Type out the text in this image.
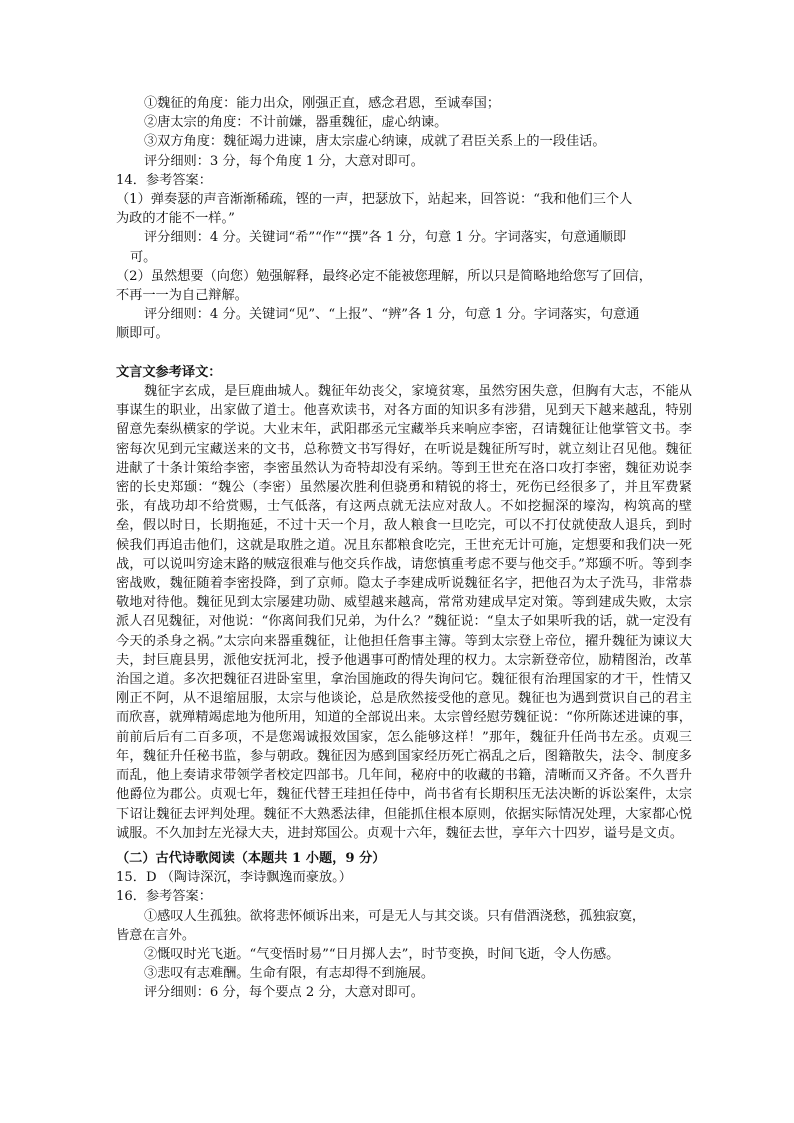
①魏征的角度：能力出众，刚强正直，感念君恩，至诚奉国；

②唐太宗的角度：不计前嫌，器重魏征，虚心纳谏。

③双方角度：魏征竭力进谏，唐太宗虚心纳谏，成就了君臣关系上的一段佳话。

评分细则：3 分，每个角度 1 分，大意对即可。

14．参考答案：

（1）弹奏瑟的声音渐渐稀疏，铿的一声，把瑟放下，站起来，回答说：“我和他们三个人

为政的才能不一样。”

评分细则：4 分。关键词“希”“作”“撰”各 1 分，句意 1 分。字词落实，句意通顺即

可。

（2）虽然想要（向您）勉强解释，最终必定不能被您理解，所以只是简略地给您写了回信，

不再一一为自己辩解。

评分细则：4 分。关键词“见”、“上报”、“辨”各 1 分，句意 1 分。字词落实，句意通

顺即可。

文言文参考译文：

魏征字玄成，是巨鹿曲城人。魏征年幼丧父，家境贫寒，虽然穷困失意，但胸有大志，不能从事谋生的职业，出家做了道士。他喜欢读书，对各方面的知识多有涉猎，见到天下越来越乱，特别留意先秦纵横家的学说。大业末年，武阳郡丞元宝藏举兵来响应李密，召请魏征让他掌管文书。李密每次见到元宝藏送来的文书，总称赞文书写得好，在听说是魏征所写时，就立刻让召见他。魏征进献了十条计策给李密，李密虽然认为奇特却没有采纳。等到王世充在洛口攻打李密，魏征劝说李密的长史郑颋：“魏公（李密）虽然屡次胜利但骁勇和精锐的将士，死伤已经很多了，并且军费紧张，有战功却不给赏赐，士气低落，有这两点就无法应对敌人。不如挖掘深的壕沟，构筑高的壁垒，假以时日，长期拖延，不过十天一个月，敌人粮食一旦吃完，可以不打仗就使敌人退兵，到时候我们再追击他们，这就是取胜之道。况且东都粮食吃完，王世充无计可施，定想要和我们决一死战，可以说叫穷途末路的贼寇很难与他交兵作战，请您慎重考虑不要与他交手。”郑颋不听。等到李密战败，魏征随着李密投降，到了京师。隐太子李建成听说魏征名字，把他召为太子洗马，非常恭敬地对待他。魏征见到太宗屡建功勋、威望越来越高，常常劝建成早定对策。等到建成失败，太宗派人召见魏征，对他说：“你离间我们兄弟，为什么？”魏征说：“皇太子如果听我的话，就一定没有今天的杀身之祸。”太宗向来器重魏征，让他担任詹事主簿。等到太宗登上帝位，擢升魏征为谏议大夫，封巨鹿县男，派他安抚河北，授予他遇事可酌情处理的权力。太宗新登帝位，励精图治，改革治国之道。多次把魏征召进卧室里，拿治国施政的得失询问它。魏征很有治理国家的才干，性情又刚正不阿，从不退缩屈服，太宗与他谈论，总是欣然接受他的意见。魏征也为遇到赏识自己的君主而欣喜，就殚精竭虑地为他所用，知道的全部说出来。太宗曾经慰劳魏征说：“你所陈述进谏的事，前前后后有二百多项，不是您竭诚报效国家，怎么能够这样！”那年，魏征升任尚书左丞。贞观三年，魏征升任秘书监，参与朝政。魏征因为感到国家经历死亡祸乱之后，图籍散失，法令、制度多而乱，他上奏请求带领学者校定四部书。几年间，秘府中的收藏的书籍，清晰而又齐备。不久晋升他爵位为郡公。贞观七年，魏征代替王珪担任侍中，尚书省有长期积压无法决断的诉讼案件，太宗下诏让魏征去评判处理。魏征不大熟悉法律，但能抓住根本原则，依据实际情况处理，大家都心悦诚服。不久加封左光禄大夫，进封郑国公。贞观十六年，魏征去世，享年六十四岁，谥号是文贞。

（二）古代诗歌阅读（本题共 1 小题，9 分）

15．D （陶诗深沉，李诗飘逸而豪放。）

16．参考答案：

①感叹人生孤独。欲将悲怀倾诉出来，可是无人与其交谈。只有借酒浇愁，孤独寂寞，

皆意在言外。

②慨叹时光飞逝。“气变悟时易”“日月掷人去”，时节变换，时间飞逝，令人伤感。

③悲叹有志难酬。生命有限，有志却得不到施展。

评分细则：6 分，每个要点 2 分，大意对即可。
